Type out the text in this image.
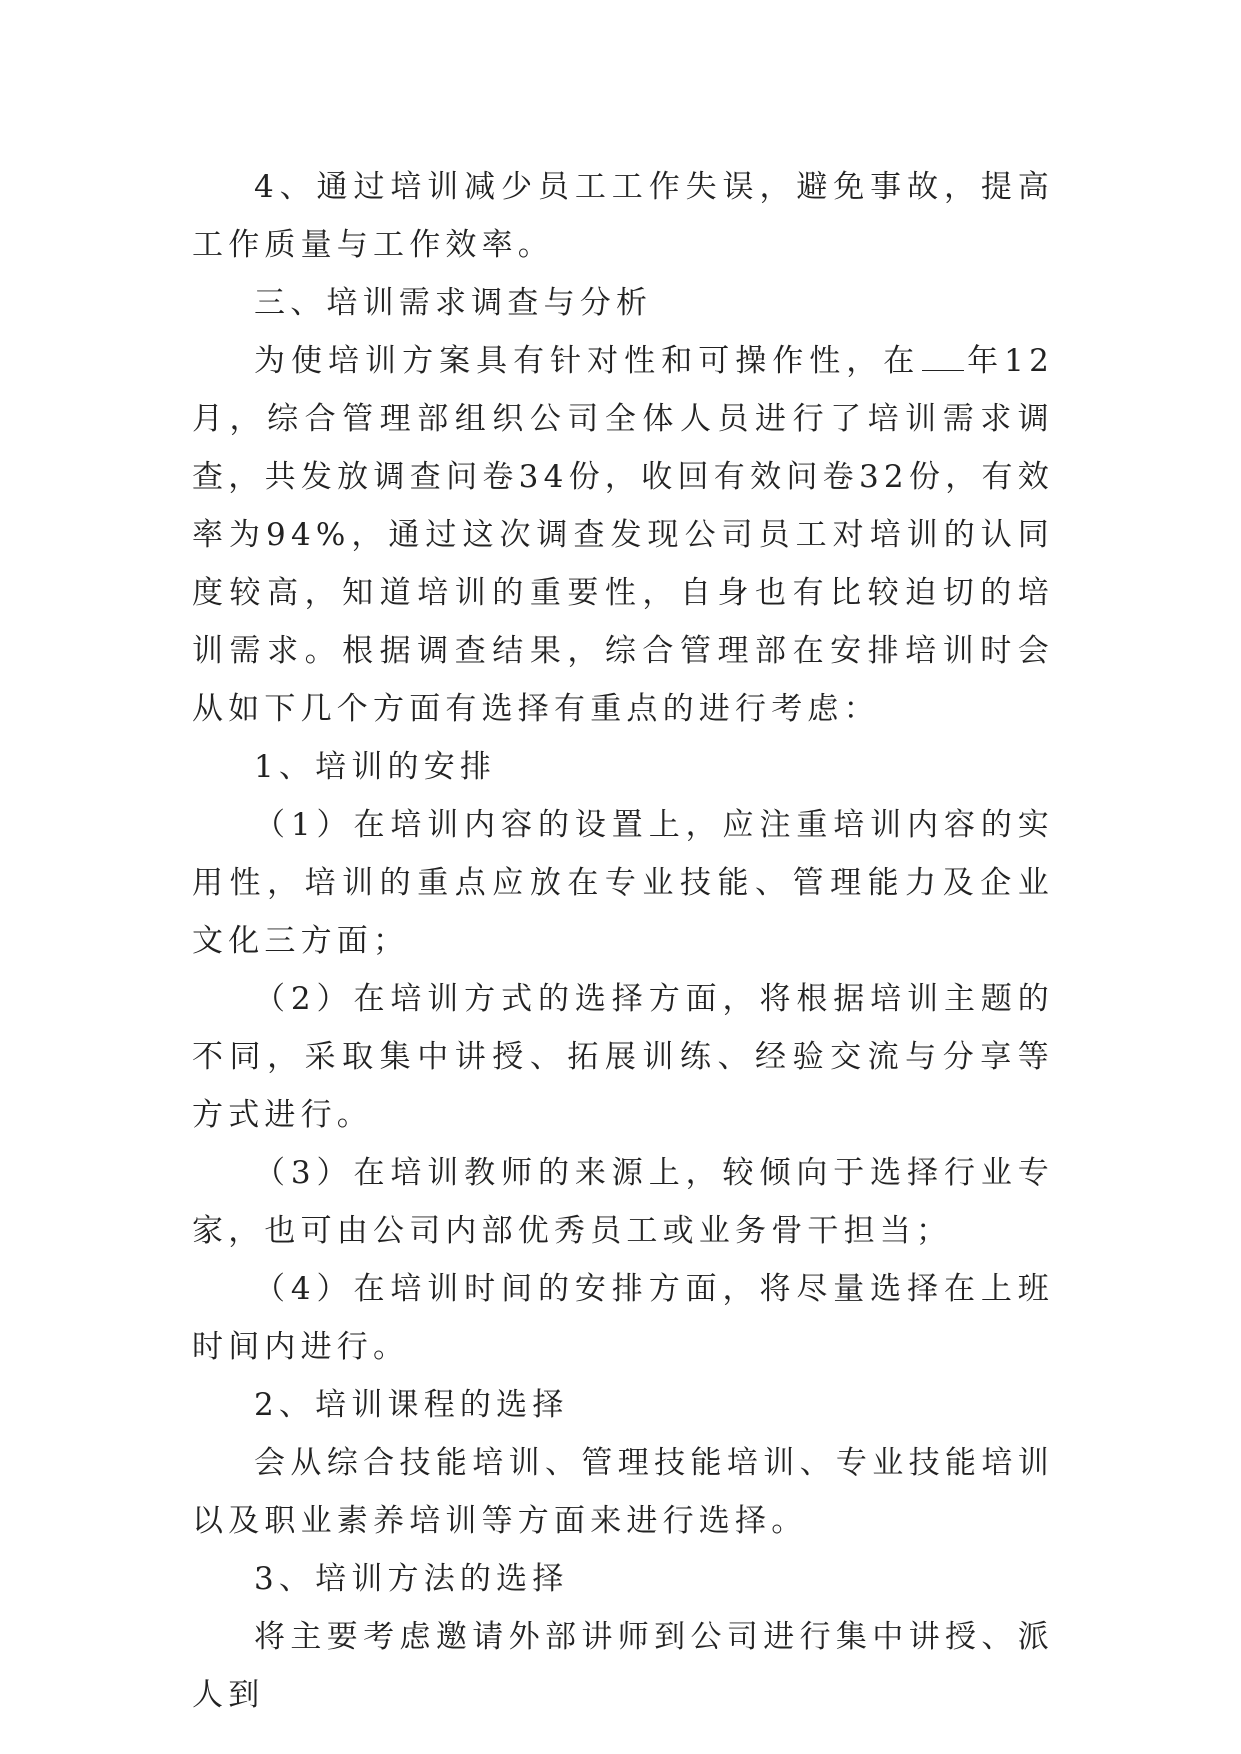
4、通过培训减少员工工作失误，避免事故，提高工作质量与工作效率。

三、培训需求调查与分析

为使培训方案具有针对性和可操作性，在 年12月，综合管理部组织公司全体人员进行了培训需求调查，共发放调查问卷34份，收回有效问卷32份，有效率为94%，通过这次调查发现公司员工对培训的认同度较高，知道培训的重要性，自身也有比较迫切的培训需求。根据调查结果，综合管理部在安排培训时会从如下几个方面有选择有重点的进行考虑：

1、培训的安排

（1）在培训内容的设置上，应注重培训内容的实用性，培训的重点应放在专业技能、管理能力及企业文化三方面；

（2）在培训方式的选择方面，将根据培训主题的不同，采取集中讲授、拓展训练、经验交流与分享等方式进行。

（3）在培训教师的来源上，较倾向于选择行业专家，也可由公司内部优秀员工或业务骨干担当；

（4）在培训时间的安排方面，将尽量选择在上班时间内进行。

2、培训课程的选择

会从综合技能培训、管理技能培训、专业技能培训以及职业素养培训等方面来进行选择。

3、培训方法的选择

将主要考虑邀请外部讲师到公司进行集中讲授、派人到
